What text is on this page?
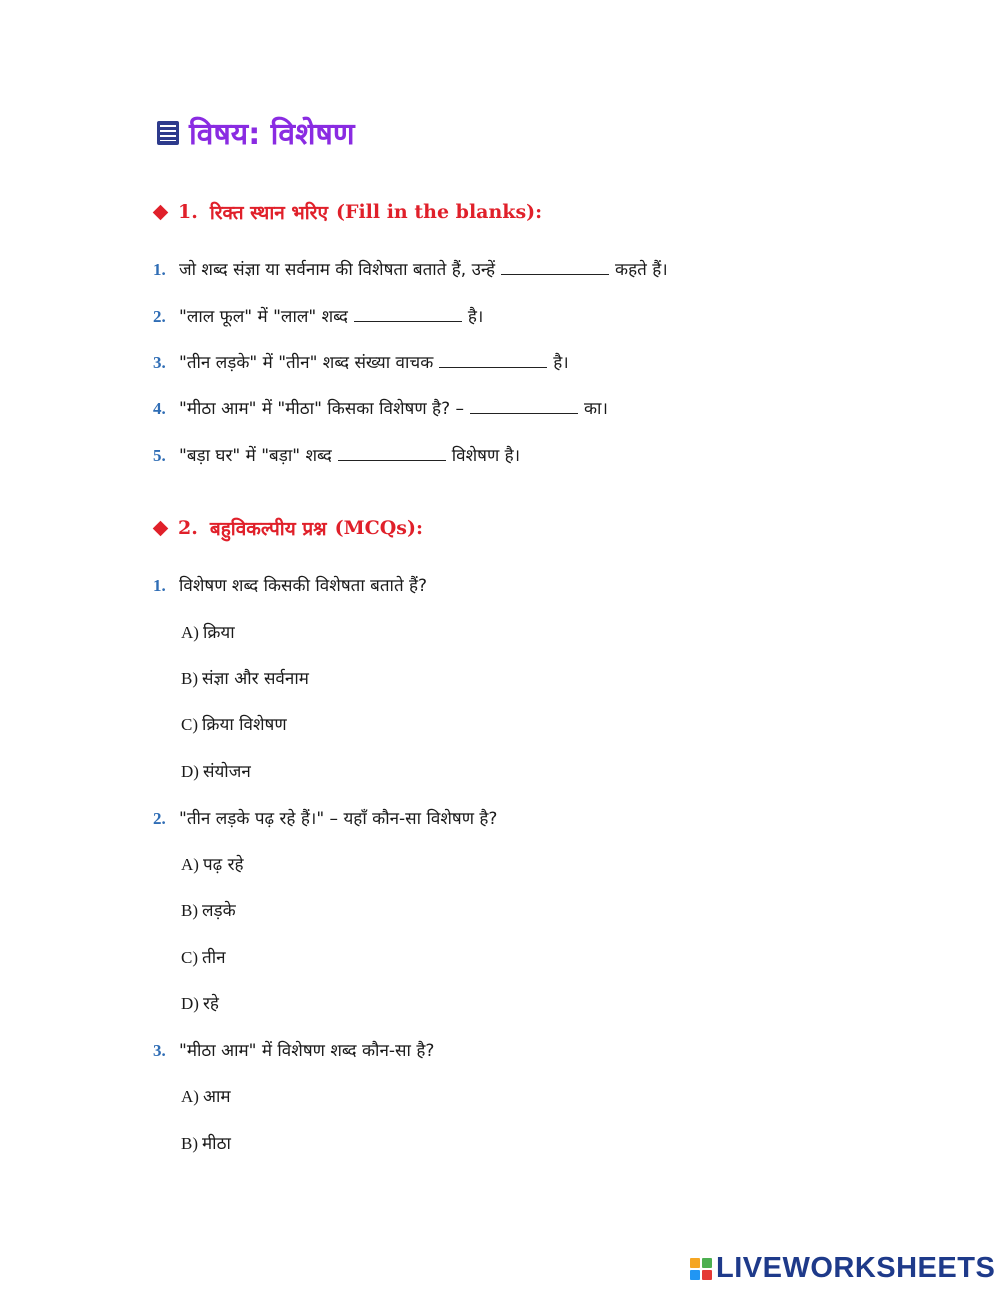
विषय: विशेषण
1. रिक्त स्थान भरिए (Fill in the blanks):
1. जो शब्द संज्ञा या सर्वनाम की विशेषता बताते हैं, उन्हें	कहते हैं।
2. "लाल फूल" में "लाल" शब्द	है।
3. "तीन लड़के" में "तीन" शब्द संख्या वाचक	है।
4. "मीठा आम" में "मीठा" किसका विशेषण है? –	का।
5. "बड़ा घर" में "बड़ा" शब्द	विशेषण है।
2. बहुविकल्पीय प्रश्न (MCQs):
1. विशेषण शब्द किसकी विशेषता बताते हैं?
A) क्रिया
B) संज्ञा और सर्वनाम
C) क्रिया विशेषण
D) संयोजन
2. "तीन लड़के पढ़ रहे हैं।" – यहाँ कौन-सा विशेषण है?
A) पढ़ रहे
B) लड़के
C) तीन
D) रहे
3. "मीठा आम" में विशेषण शब्द कौन-सा है?
A) आम
B) मीठा
LIVEWORKSHEETS
